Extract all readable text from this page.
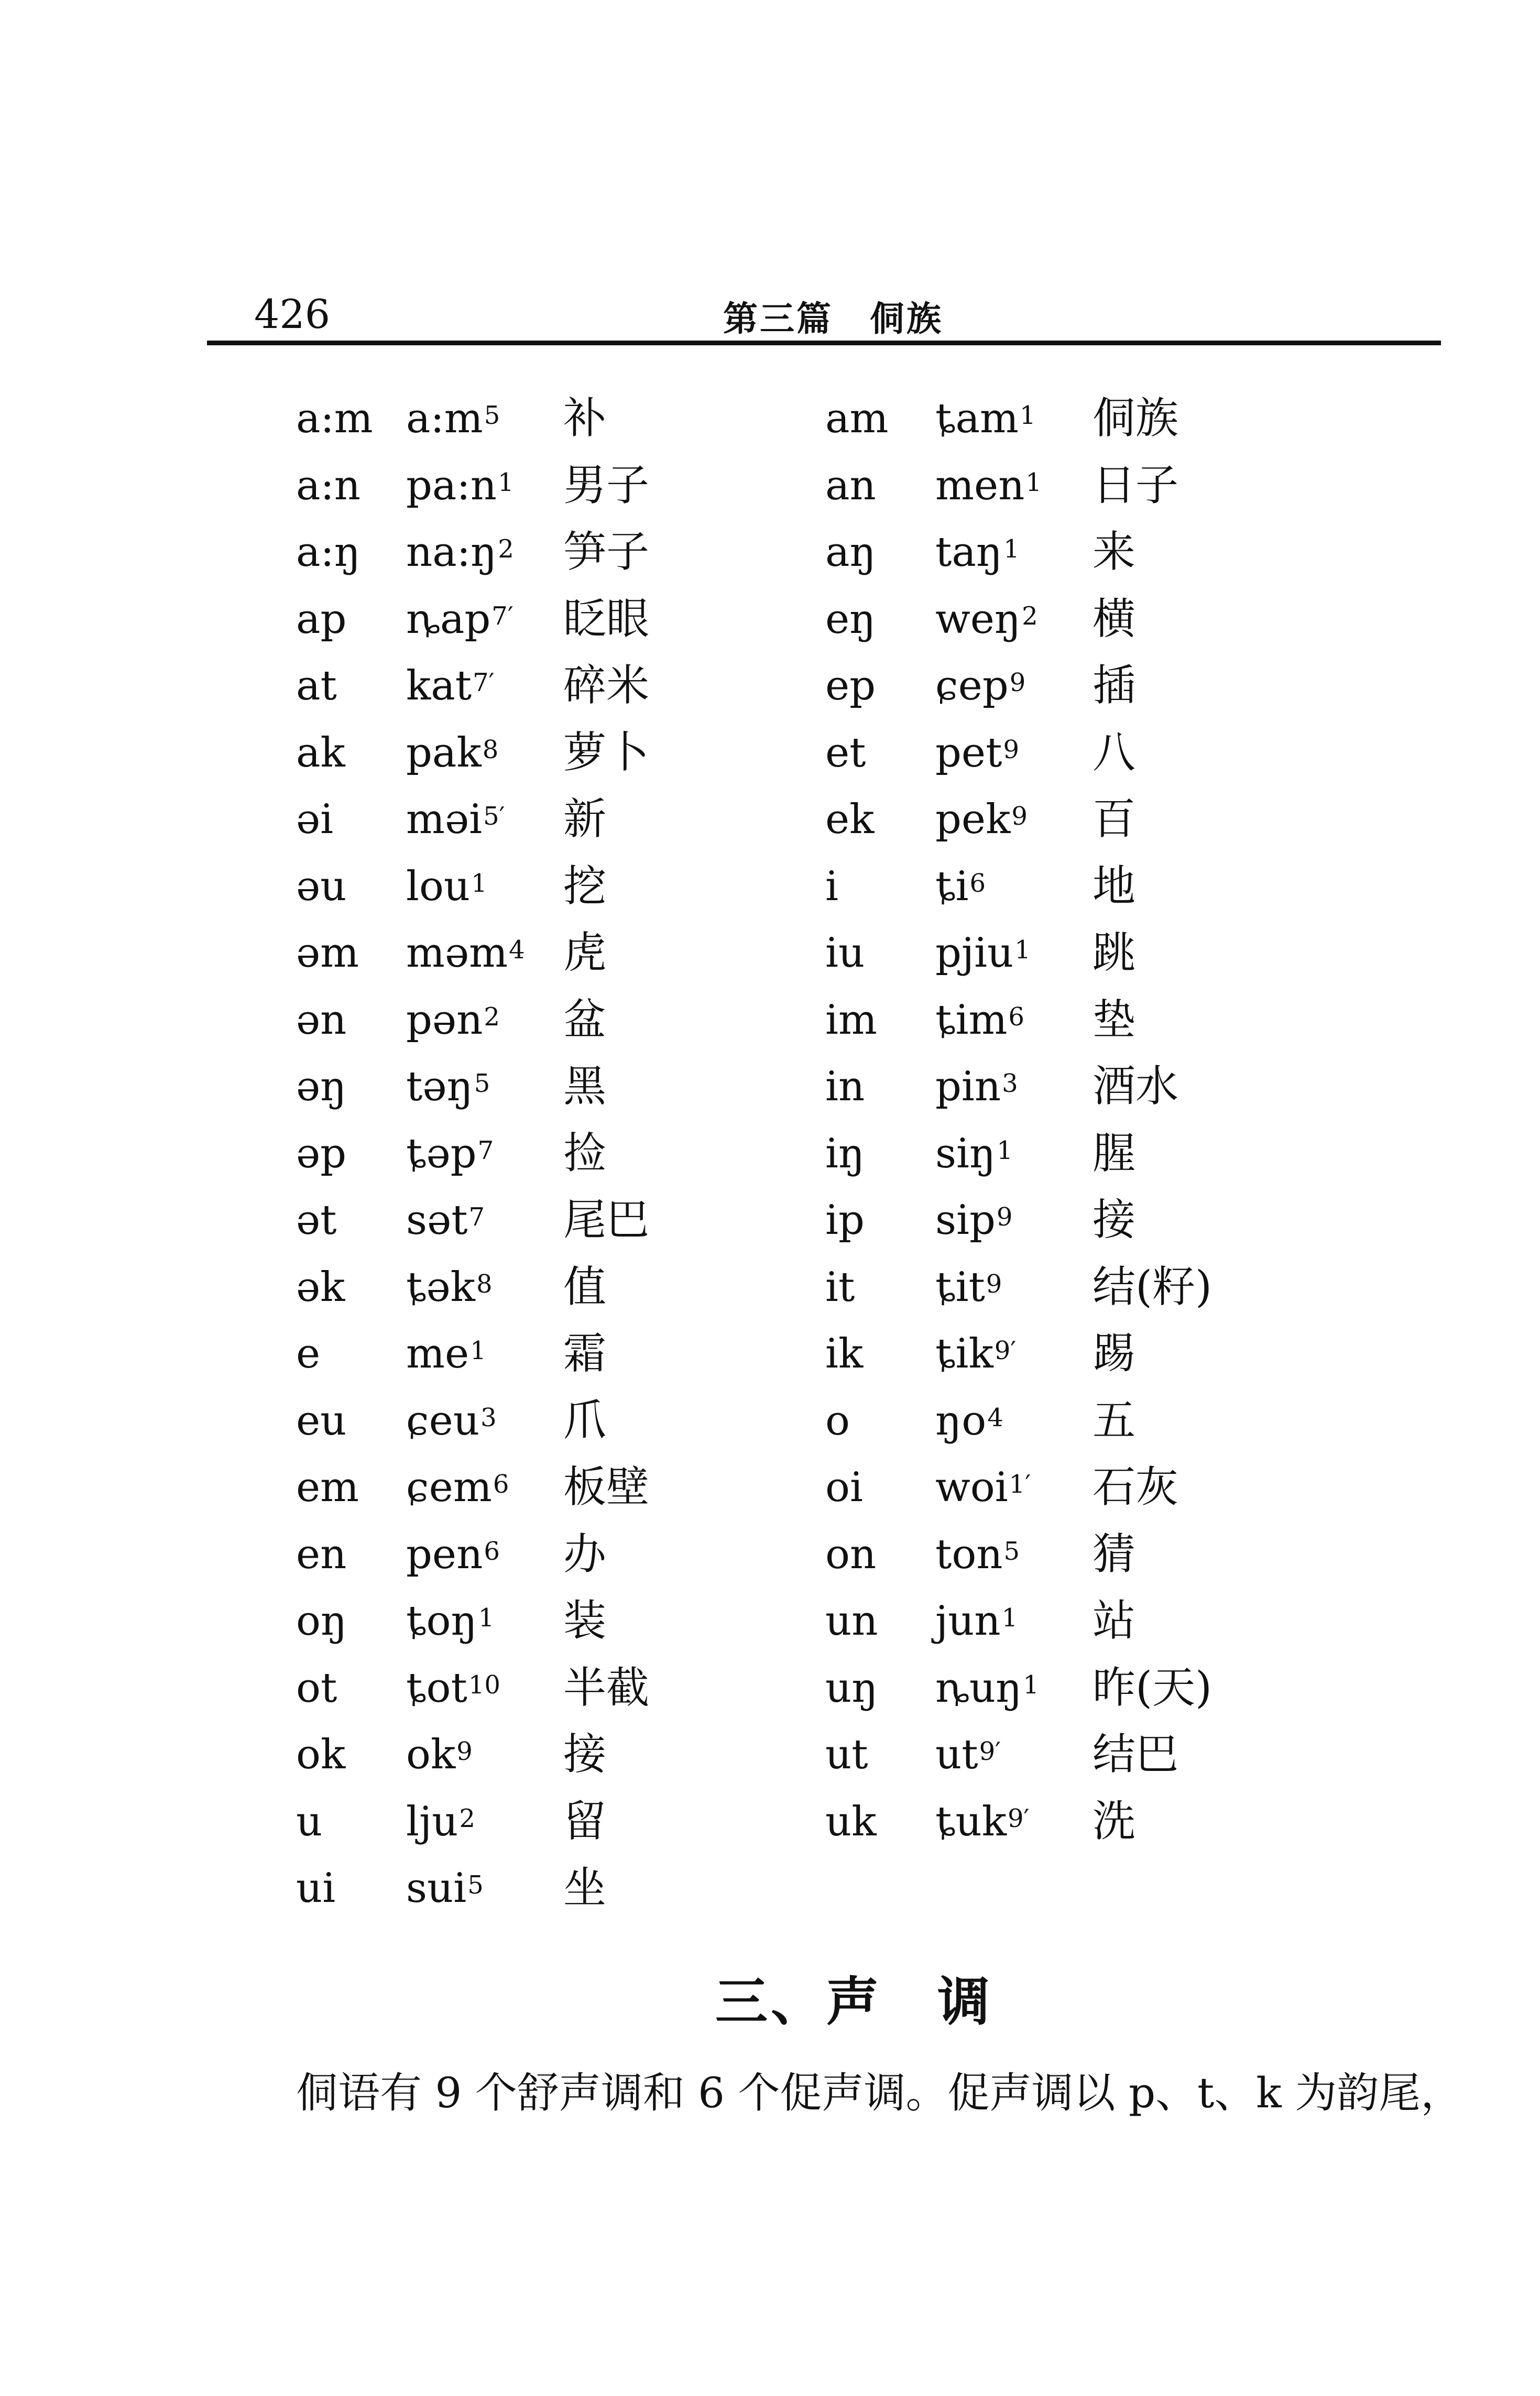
426	第三篇　侗族
a:m $a:m^5$ 补
a:n $pa:n^1$ 男子
a:ŋ $na:ŋ^2$ 笋子
ap ȵap$^{7'}$ 眨眼
at kat$^{7'}$ 碎米
ak pak$^8$ 萝卜
əi məi$^{5'}$ 新
əu lou$^1$ 挖
əm məm$^4$ 虎
ən pən$^2$ 盆
əŋ təŋ$^5$ 黑
əp ȶəp$^7$ 捡
ət sət$^7$ 尾巴
ək ȶək$^8$ 值
e $me^1$ 霜
eu ɕeu$^3$ 爪
em ɕem$^6$ 板壁
en pen$^6$ 办
oŋ ȶoŋ$^1$ 装
ot ȶot$^{10}$ 半截
ok $ok^9$ 接
u lju$^2$ 留
ui sui$^5$ 坐
am ȶam$^1$ 侗族
an men$^1$ 日子
aŋ taŋ$^1$ 来
eŋ weŋ$^2$ 横
ep ɕep$^9$ 插
et pet$^9$ 八
ek pek$^9$ 百
i $ȶi^6$ 地
iu pjiu$^1$ 跳
im ȶim$^6$ 垫
in pin$^3$ 酒水
iŋ siŋ$^1$ 腥
ip sip$^9$ 接
it ȶit$^9$ 结(籽)
ik ȶik$^{9'}$ 踢
o $ŋo^4$ 五
oi woi$^{1'}$ 石灰
on ton$^5$ 猜
un jun$^1$ 站
uŋ ȵuŋ$^1$ 昨(天)
ut $ut^{9'}$ 结巴
uk ȶuk$^{9'}$ 洗
三、声　调
侗语有 9 个舒声调和 6 个促声调。促声调以 p、t、k 为韵尾，
